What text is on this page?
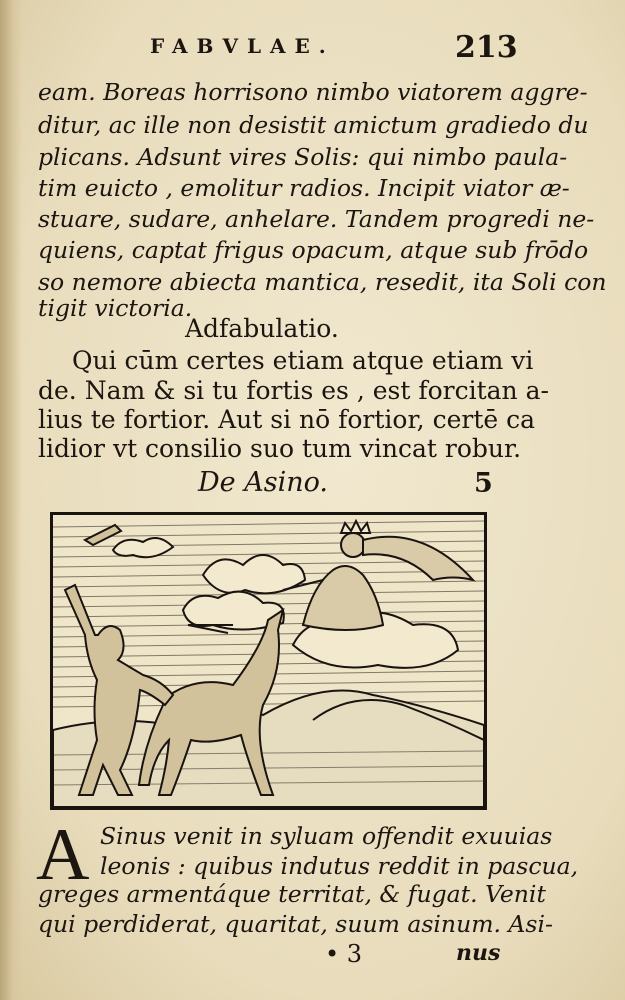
FABVLAE.	213
eam. Boreas horrisono nimbo viatorem aggre-
ditur, ac ille non desistit amictum gradiedo du
plicans. Adsunt vires Solis: qui nimbo paula-
tim euicto , emolitur radios. Incipit viator æ-
stuare, sudare, anhelare. Tandem progredi ne-
quiens, captat frigus opacum, atque sub frōdo
so nemore abiecta mantica, resedit, ita Soli con
tigit victoria.
Adfabulatio.
Qui cūm certes etiam atque etiam vi
de. Nam & si tu fortis es , est forcitan a-
lius te fortior. Aut si nō fortior, certē ca
lidior vt consilio suo tum vincat robur.
De Asino.	5
A Sinus venit in syluam offendit exuuias
leonis : quibus indutus reddit in pascua,
greges armentáque territat, & fugat. Venit
qui perdiderat, quaritat, suum asinum. Asi-
• 3	nus
